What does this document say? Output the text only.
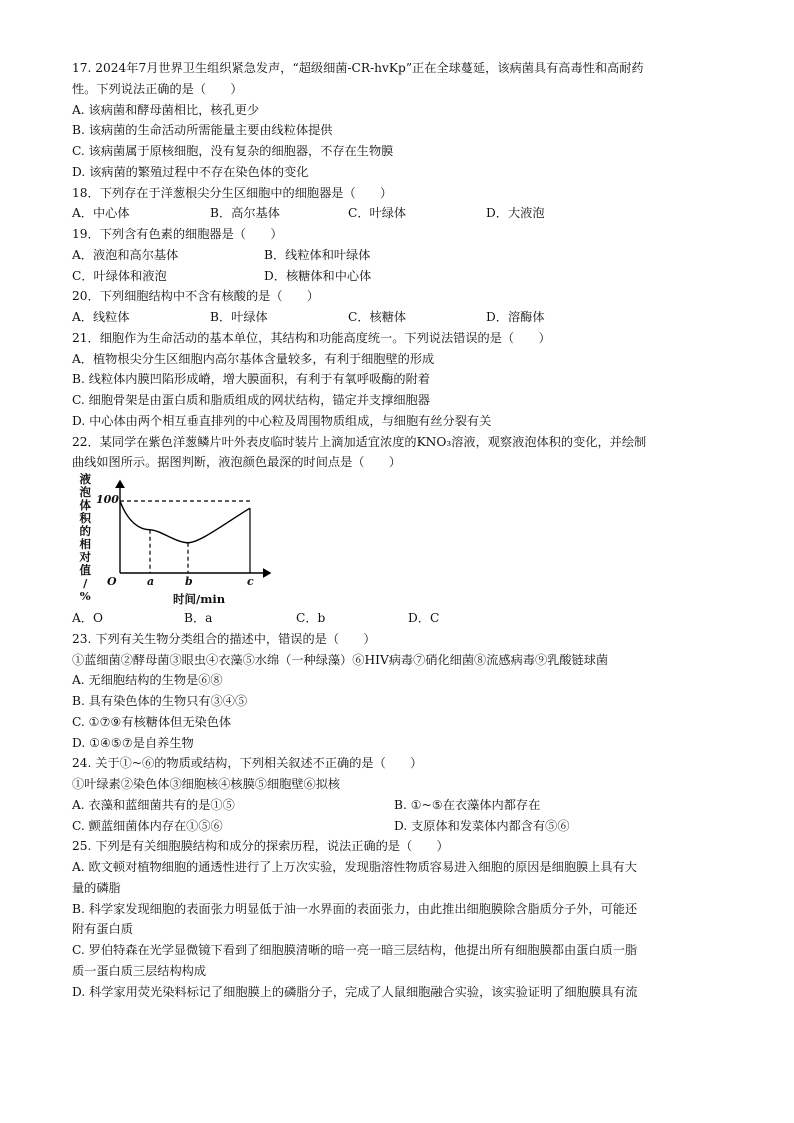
17. 2024年7月世界卫生组织紧急发声，“超级细菌-CR-hvKp”正在全球蔓延，该病菌具有高毒性和高耐药
性。下列说法正确的是（　　）
A. 该病菌和酵母菌相比，核孔更少
B. 该病菌的生命活动所需能量主要由线粒体提供
C. 该病菌属于原核细胞，没有复杂的细胞器，不存在生物膜
D. 该病菌的繁殖过程中不存在染色体的变化
18．下列存在于洋葱根尖分生区细胞中的细胞器是（　　）
A．中心体	B．高尔基体	C．叶绿体	D．大液泡
19．下列含有色素的细胞器是（　　）
A．液泡和高尔基体	B．线粒体和叶绿体
C．叶绿体和液泡	D．核糖体和中心体
20．下列细胞结构中不含有核酸的是（　　）
A．线粒体	B．叶绿体	C．核糖体	D．溶酶体
21．细胞作为生命活动的基本单位，其结构和功能高度统一。下列说法错误的是（　　）
A．植物根尖分生区细胞内高尔基体含量较多，有利于细胞壁的形成
B. 线粒体内膜凹陷形成嵴，增大膜面积，有利于有氧呼吸酶的附着
C. 细胞骨架是由蛋白质和脂质组成的网状结构，锚定并支撑细胞器
D. 中心体由两个相互垂直排列的中心粒及周围物质组成，与细胞有丝分裂有关
22．某同学在紫色洋葱鳞片叶外表皮临时装片上滴加适宜浓度的KNO₃溶液，观察液泡体积的变化，并绘制
曲线如图所示。据图判断，液泡颜色最深的时间点是（　　）
液
泡
体
积
的
相
对
值
/
%	时间/min
100
O	a	b	c
A．O	B．a	C．b	D．C
23. 下列有关生物分类组合的描述中，错误的是（　　）
①蓝细菌②酵母菌③眼虫④衣藻⑤水绵（一种绿藻）⑥HIV病毒⑦硝化细菌⑧流感病毒⑨乳酸链球菌
A. 无细胞结构的生物是⑥⑧
B. 具有染色体的生物只有③④⑤
C. ①⑦⑨有核糖体但无染色体
D. ①④⑤⑦是自养生物
24. 关于①~⑥的物质或结构，下列相关叙述不正确的是（　　）
①叶绿素②染色体③细胞核④核膜⑤细胞壁⑥拟核
A. 衣藻和蓝细菌共有的是①⑤	B. ①~⑤在衣藻体内都存在
C. 颤蓝细菌体内存在①⑤⑥	D. 支原体和发菜体内都含有⑤⑥
25. 下列是有关细胞膜结构和成分的探索历程，说法正确的是（　　）
A. 欧文顿对植物细胞的通透性进行了上万次实验，发现脂溶性物质容易进入细胞的原因是细胞膜上具有大
量的磷脂
B. 科学家发现细胞的表面张力明显低于油一水界面的表面张力，由此推出细胞膜除含脂质分子外，可能还
附有蛋白质
C. 罗伯特森在光学显微镜下看到了细胞膜清晰的暗一亮一暗三层结构，他提出所有细胞膜都由蛋白质一脂
质一蛋白质三层结构构成
D. 科学家用荧光染料标记了细胞膜上的磷脂分子，完成了人鼠细胞融合实验，该实验证明了细胞膜具有流
